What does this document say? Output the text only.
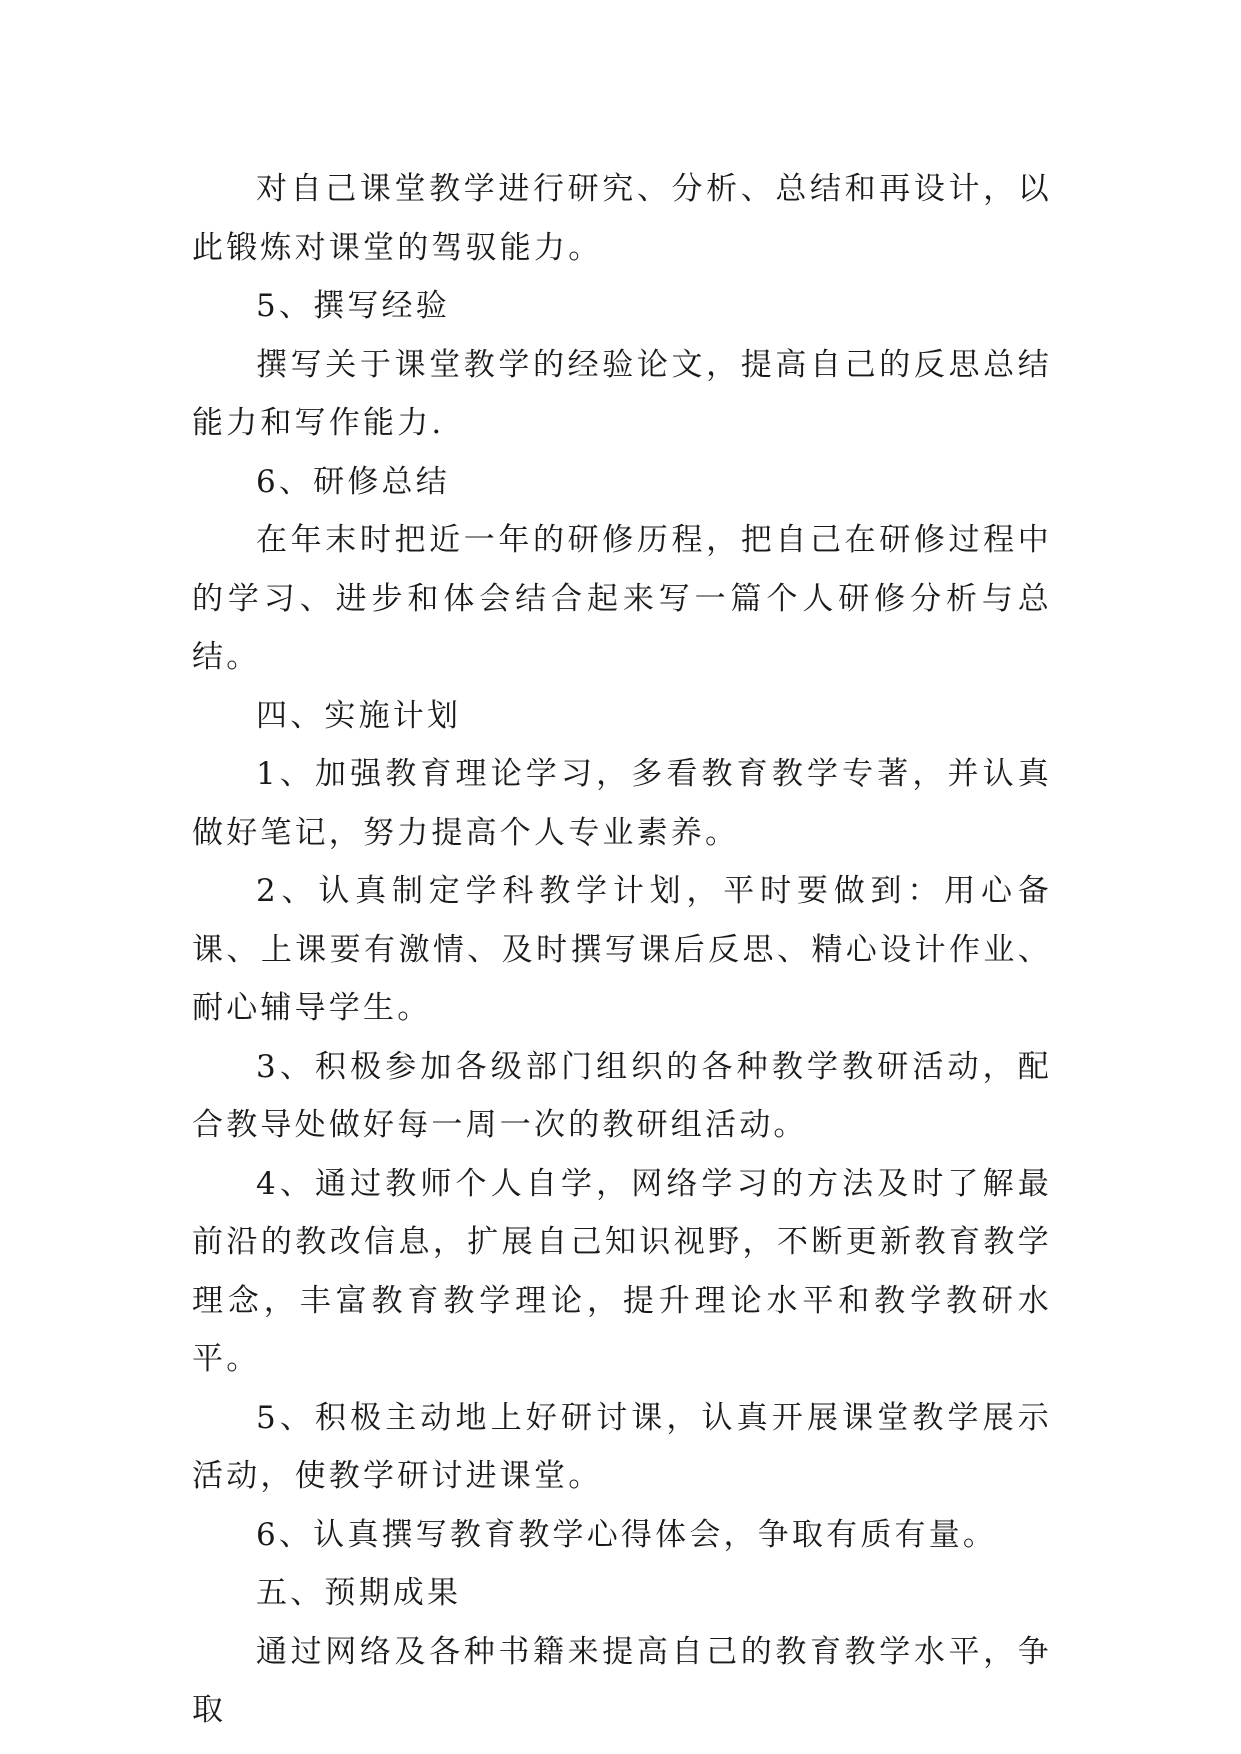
对自己课堂教学进行研究、分析、总结和再设计，以此锻炼对课堂的驾驭能力。

5、撰写经验

撰写关于课堂教学的经验论文，提高自己的反思总结能力和写作能力.

6、研修总结

在年末时把近一年的研修历程，把自己在研修过程中的学习、进步和体会结合起来写一篇个人研修分析与总结。

四、实施计划

1、加强教育理论学习，多看教育教学专著，并认真做好笔记，努力提高个人专业素养。

2、认真制定学科教学计划，平时要做到：用心备课、上课要有激情、及时撰写课后反思、精心设计作业、耐心辅导学生。

3、积极参加各级部门组织的各种教学教研活动，配合教导处做好每一周一次的教研组活动。

4、通过教师个人自学，网络学习的方法及时了解最前沿的教改信息，扩展自己知识视野，不断更新教育教学理念，丰富教育教学理论，提升理论水平和教学教研水平。

5、积极主动地上好研讨课，认真开展课堂教学展示活动，使教学研讨进课堂。

6、认真撰写教育教学心得体会，争取有质有量。

五、预期成果

通过网络及各种书籍来提高自己的教育教学水平，争取
